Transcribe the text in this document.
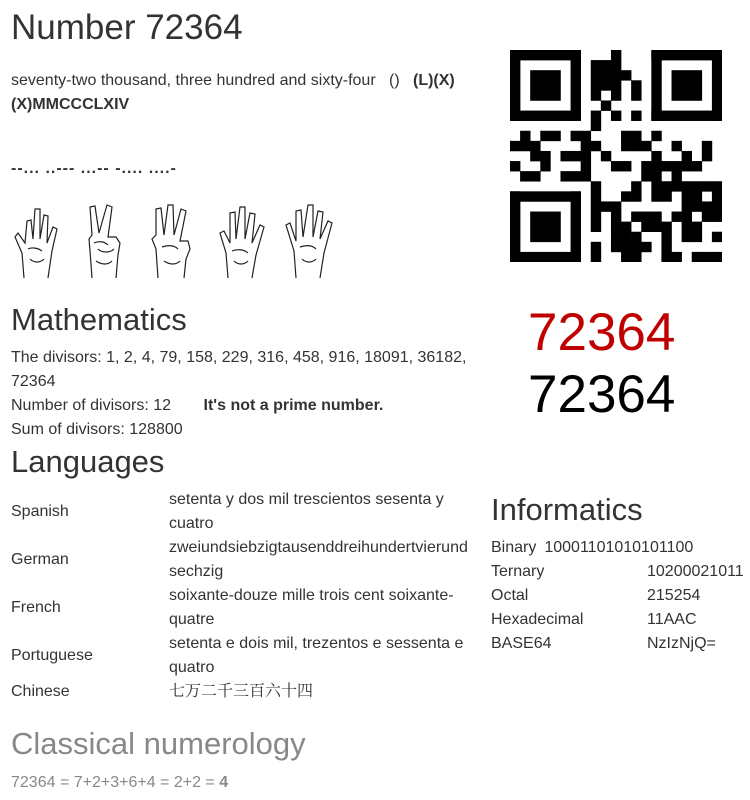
Number 72364
seventy-two thousand, three hundred and sixty-four () (L)(X)
(X)MMCCCLXIV
--... ..--- ...-- -.... ....-
72364
72364
Mathematics
The divisors: 1, 2, 4, 79, 158, 229, 316, 458, 916, 18091, 36182,
72364
Number of divisors: 12 It's not a prime number.
Sum of divisors: 128800
Languages
Spanish	setenta y dos mil trescientos sesenta y
cuatro
German	zweiundsiebzigtausenddreihundertvierund
sechzig
French	soixante-douze mille trois cent soixante-
quatre
Portuguese	setenta e dois mil, trezentos e sessenta e
quatro
Chinese	七万二千三百六十四
Informatics
Binary 10001101010101100
Ternary	10200021011
Octal	215254
Hexadecimal	11AAC
BASE64	NzIzNjQ=
Classical numerology
72364 = 7+2+3+6+4 = 2+2 = 4
